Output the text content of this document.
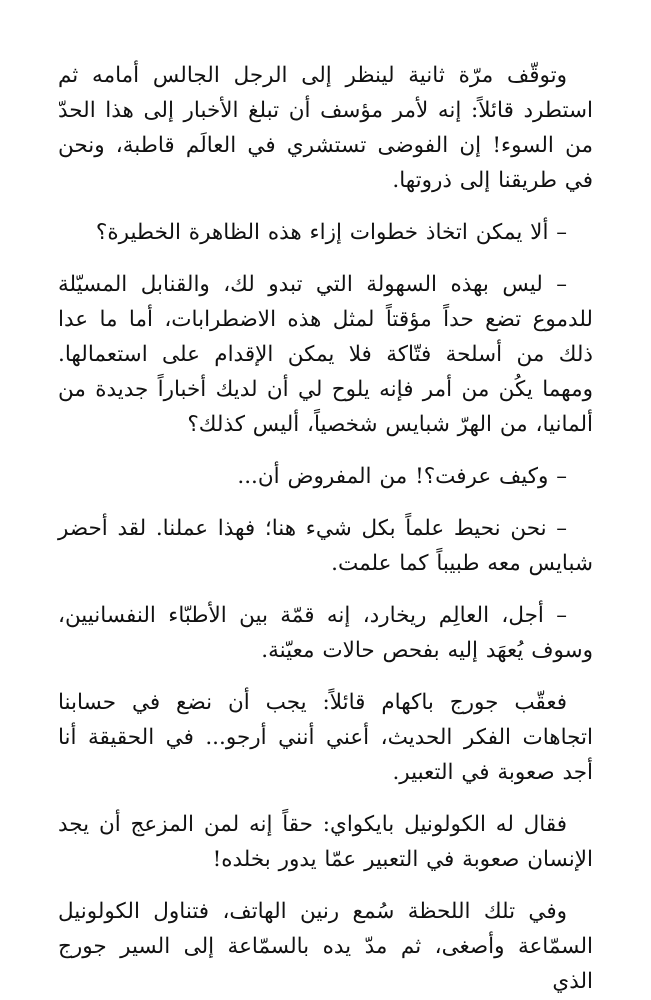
وتوقّف مرّة ثانية لينظر إلى الرجل الجالس أمامه ثم استطرد قائلاً: إنه لأمر مؤسف أن تبلغ الأخبار إلى هذا الحدّ من السوء! إن الفوضى تستشري في العالَم قاطبة، ونحن في طريقنا إلى ذروتها.

– ألا يمكن اتخاذ خطوات إزاء هذه الظاهرة الخطيرة؟

– ليس بهذه السهولة التي تبدو لك، والقنابل المسيّلة للدموع تضع حداً مؤقتاً لمثل هذه الاضطرابات، أما ما عدا ذلك من أسلحة فتّاكة فلا يمكن الإقدام على استعمالها. ومهما يكُن من أمر فإنه يلوح لي أن لديك أخباراً جديدة من ألمانيا، من الهرّ شبايس شخصياً، أليس كذلك؟

– وكيف عرفت؟! من المفروض أن...

– نحن نحيط علماً بكل شيء هنا؛ فهذا عملنا. لقد أحضر شبايس معه طبيباً كما علمت.

– أجل، العالِم ريخارد، إنه قمّة بين الأطبّاء النفسانيين، وسوف يُعهَد إليه بفحص حالات معيّنة.

فعقّب جورج باكهام قائلاً: يجب أن نضع في حسابنا اتجاهات الفكر الحديث، أعني أنني أرجو... في الحقيقة أنا أجد صعوبة في التعبير.

فقال له الكولونيل بايكواي: حقاً إنه لمن المزعج أن يجد الإنسان صعوبة في التعبير عمّا يدور بخلده!

وفي تلك اللحظة سُمع رنين الهاتف، فتناول الكولونيل السمّاعة وأصغى، ثم مدّ يده بالسمّاعة إلى السير جورج الذي
